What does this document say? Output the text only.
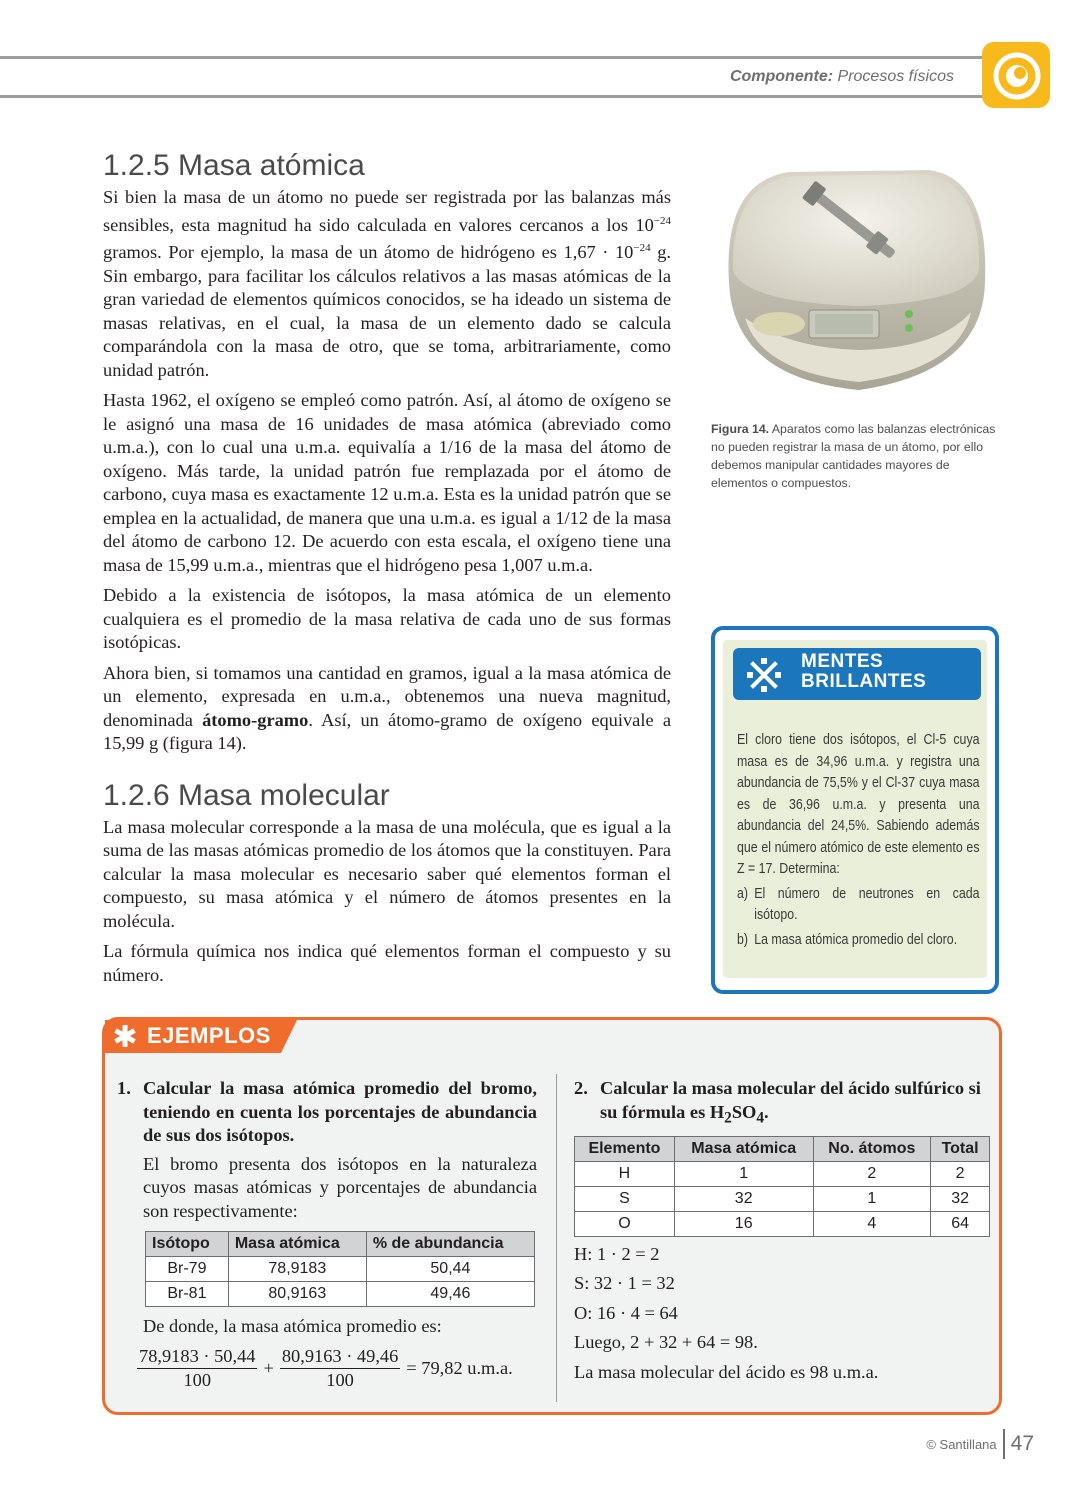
Componente: Procesos físicos
1.2.5 Masa atómica

Si bien la masa de un átomo no puede ser registrada por las balanzas más sensibles, esta magnitud ha sido calculada en valores cercanos a los $10^{-24}$ gramos. Por ejemplo, la masa de un átomo de hidrógeno es $1,67 \cdot 10^{-24}$ g. Sin embargo, para facilitar los cálculos relativos a las masas atómicas de la gran variedad de elementos químicos conocidos, se ha ideado un sistema de masas relativas, en el cual, la masa de un elemento dado se calcula comparándola con la masa de otro, que se toma, arbitrariamente, como unidad patrón.

Hasta 1962, el oxígeno se empleó como patrón. Así, al átomo de oxígeno se le asignó una masa de 16 unidades de masa atómica (abreviado como u.m.a.), con lo cual una u.m.a. equivalía a 1/16 de la masa del átomo de oxígeno. Más tarde, la unidad patrón fue remplazada por el átomo de carbono, cuya masa es exactamente 12 u.m.a. Esta es la unidad patrón que se emplea en la actualidad, de manera que una u.m.a. es igual a 1/12 de la masa del átomo de carbono 12. De acuerdo con esta escala, el oxígeno tiene una masa de 15,99 u.m.a., mientras que el hidrógeno pesa 1,007 u.m.a.

Debido a la existencia de isótopos, la masa atómica de un elemento cualquiera es el promedio de la masa relativa de cada uno de sus formas isotópicas.

Ahora bien, si tomamos una cantidad en gramos, igual a la masa atómica de un elemento, expresada en u.m.a., obtenemos una nueva magnitud, denominada átomo-gramo. Así, un átomo-gramo de oxígeno equivale a 15,99 g (figura 14).

1.2.6 Masa molecular

La masa molecular corresponde a la masa de una molécula, que es igual a la suma de las masas atómicas promedio de los átomos que la constituyen. Para calcular la masa molecular es necesario saber qué elementos forman el compuesto, su masa atómica y el número de átomos presentes en la molécula.

La fórmula química nos indica qué elementos forman el compuesto y su número.

Figura 14. Aparatos como las balanzas electrónicas no pueden registrar la masa de un átomo, por ello debemos manipular cantidades mayores de elementos o compuestos.
MENTES
BRILLANTES
El cloro tiene dos isótopos, el Cl-5 cuya masa es de 34,96 u.m.a. y registra una abundancia de 75,5% y el Cl-37 cuya masa es de 36,96 u.m.a. y presenta una abundancia del 24,5%. Sabiendo además que el número atómico de este elemento es Z = 17. Determina:
a) El número de neutrones en cada isótopo.
b) La masa atómica promedio del cloro.
EJEMPLOS
1. Calcular la masa atómica promedio del bromo, teniendo en cuenta los porcentajes de abundancia de sus dos isótopos.
El bromo presenta dos isótopos en la naturaleza cuyos masas atómicas y porcentajes de abundancia son respectivamente:
Isótopo	Masa atómica	% de abundancia
Br-79	78,9183	50,44
Br-81	80,9163	49,46
De donde, la masa atómica promedio es:
$\frac{78,9183 \cdot 50,44}{100} + \frac{80,9163 \cdot 49,46}{100} = 79,82$ u.m.a.
2. Calcular la masa molecular del ácido sulfúrico si su fórmula es $H_2SO_4$.
Elemento	Masa atómica	No. átomos	Total
H	1	2	2
S	32	1	32
O	16	4	64
H: 1 · 2 = 2
S: 32 · 1 = 32
O: 16 · 4 = 64
Luego, 2 + 32 + 64 = 98.
La masa molecular del ácido es 98 u.m.a.
© Santillana 47
